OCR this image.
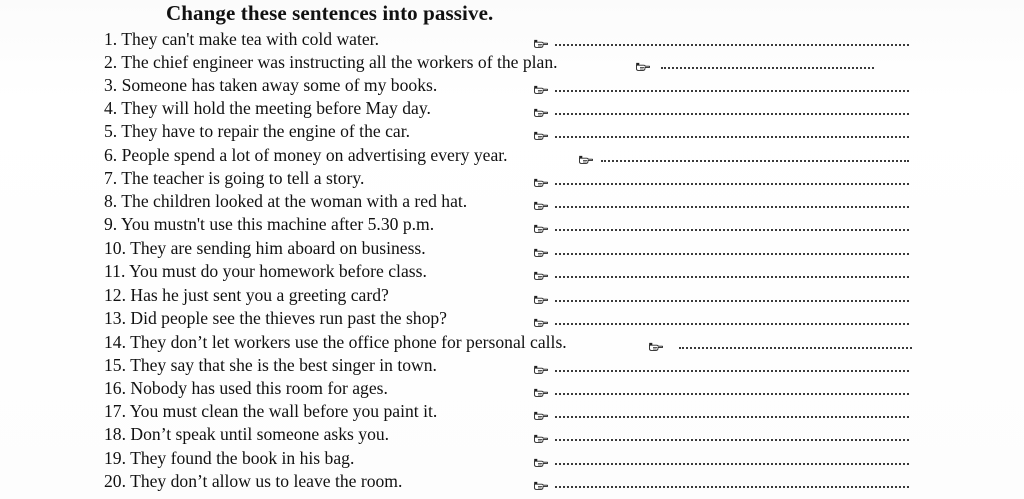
Change these sentences into passive.
1. They can't make tea with cold water.
2. The chief engineer was instructing all the workers of the plan.
3. Someone has taken away some of my books.
4. They will hold the meeting before May day.
5. They have to repair the engine of the car.
6. People spend a lot of money on advertising every year.
7. The teacher is going to tell a story.
8. The children looked at the woman with a red hat.
9. You mustn't use this machine after 5.30 p.m.
10. They are sending him aboard on business.
11. You must do your homework before class.
12. Has he just sent you a greeting card?
13. Did people see the thieves run past the shop?
14. They don’t let workers use the office phone for personal calls.
15. They say that she is the best singer in town.
16. Nobody has used this room for ages.
17. You must clean the wall before you paint it.
18. Don’t speak until someone asks you.
19. They found the book in his bag.
20. They don’t allow us to leave the room.
